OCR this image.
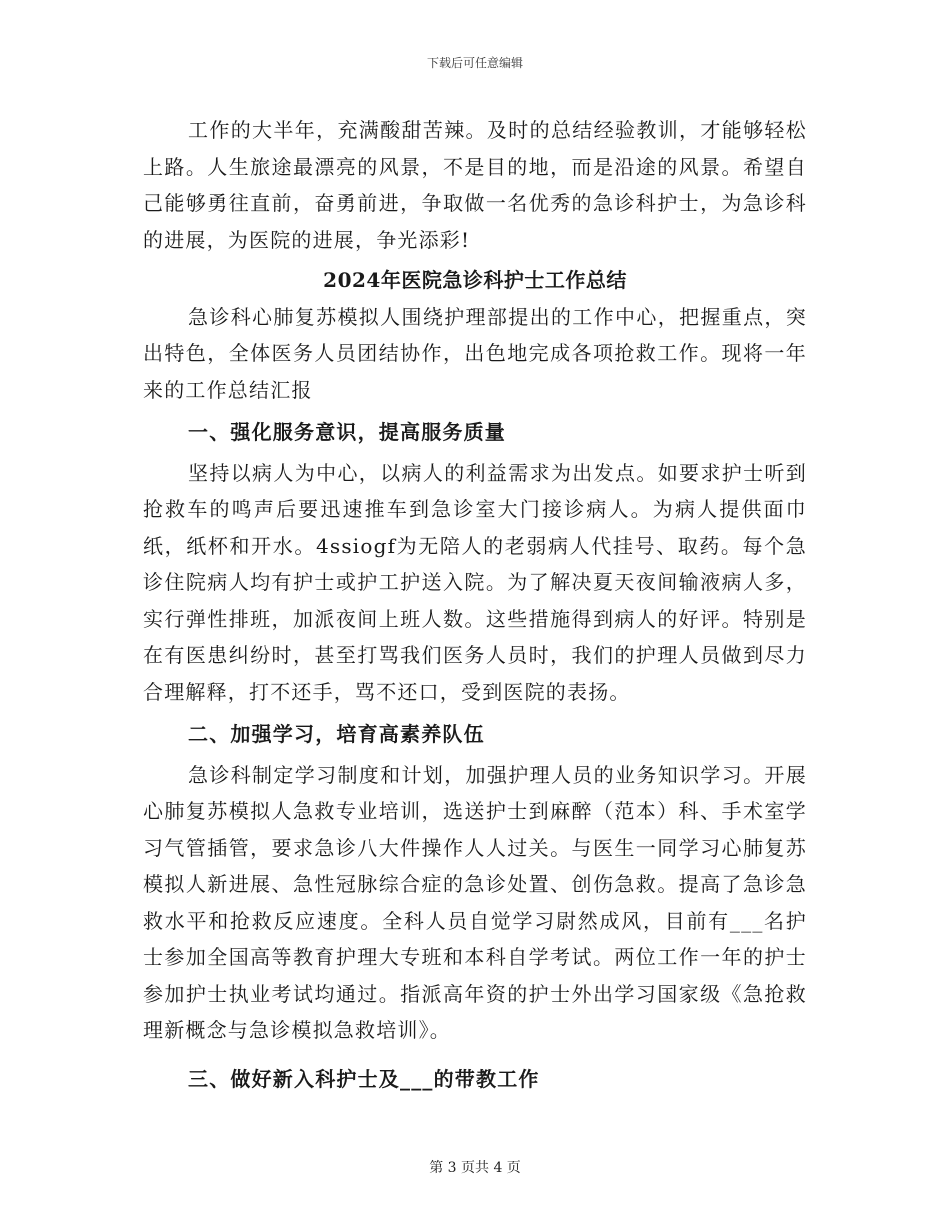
下载后可任意编辑

工作的大半年，充满酸甜苦辣。及时的总结经验教训，才能够轻松上路。人生旅途最漂亮的风景，不是目的地，而是沿途的风景。希望自己能够勇往直前，奋勇前进，争取做一名优秀的急诊科护士，为急诊科的进展，为医院的进展，争光添彩!

2024年医院急诊科护士工作总结

急诊科心肺复苏模拟人围绕护理部提出的工作中心，把握重点，突出特色，全体医务人员团结协作，出色地完成各项抢救工作。现将一年来的工作总结汇报

一、强化服务意识，提高服务质量

坚持以病人为中心，以病人的利益需求为出发点。如要求护士听到抢救车的鸣声后要迅速推车到急诊室大门接诊病人。为病人提供面巾纸，纸杯和开水。4ssiogf为无陪人的老弱病人代挂号、取药。每个急诊住院病人均有护士或护工护送入院。为了解决夏天夜间输液病人多，实行弹性排班，加派夜间上班人数。这些措施得到病人的好评。特别是在有医患纠纷时，甚至打骂我们医务人员时，我们的护理人员做到尽力合理解释，打不还手，骂不还口，受到医院的表扬。

二、加强学习，培育高素养队伍

急诊科制定学习制度和计划，加强护理人员的业务知识学习。开展心肺复苏模拟人急救专业培训，选送护士到麻醉（范本）科、手术室学习气管插管，要求急诊八大件操作人人过关。与医生一同学习心肺复苏模拟人新进展、急性冠脉综合症的急诊处置、创伤急救。提高了急诊急救水平和抢救反应速度。全科人员自觉学习尉然成风，目前有___名护士参加全国高等教育护理大专班和本科自学考试。两位工作一年的护士参加护士执业考试均通过。指派高年资的护士外出学习国家级《急抢救理新概念与急诊模拟急救培训》。

三、做好新入科护士及___的带教工作

第 3 页共 4 页
